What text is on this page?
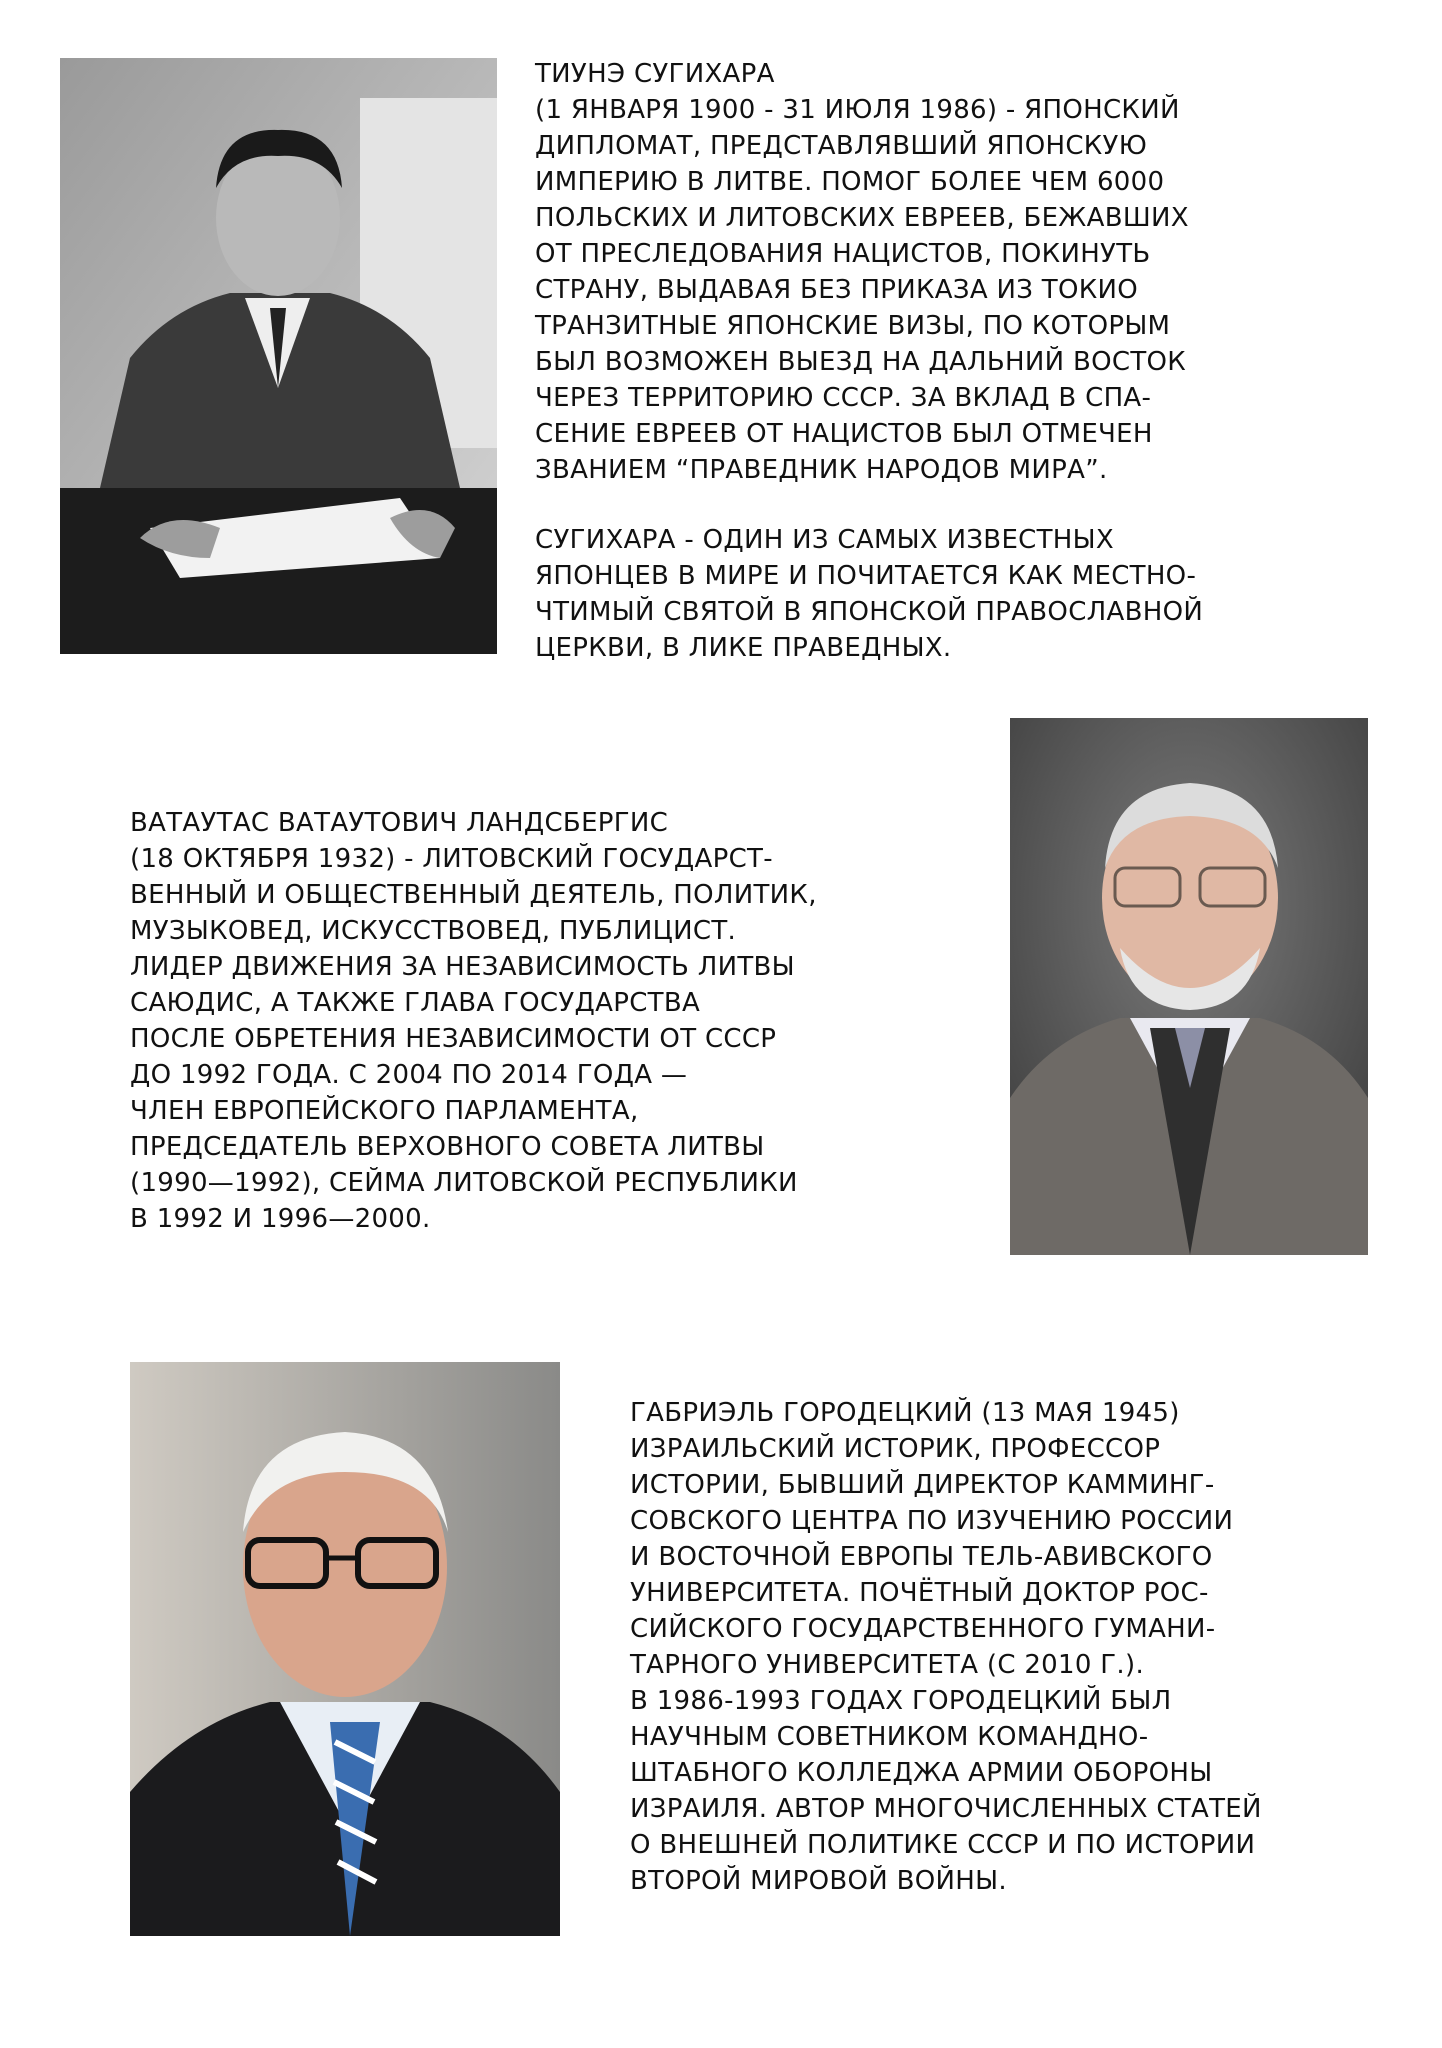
ТИУНЭ СУГИХАРА
(1 ЯНВАРЯ 1900 - 31 ИЮЛЯ 1986) - ЯПОНСКИЙ
ДИПЛОМАТ, ПРЕДСТАВЛЯВШИЙ ЯПОНСКУЮ
ИМПЕРИЮ В ЛИТВЕ. ПОМОГ БОЛЕЕ ЧЕМ 6000
ПОЛЬСКИХ И ЛИТОВСКИХ ЕВРЕЕВ, БЕЖАВШИХ
ОТ ПРЕСЛЕДОВАНИЯ НАЦИСТОВ, ПОКИНУТЬ
СТРАНУ, ВЫДАВАЯ БЕЗ ПРИКАЗА ИЗ ТОКИО
ТРАНЗИТНЫЕ ЯПОНСКИЕ ВИЗЫ, ПО КОТОРЫМ
БЫЛ ВОЗМОЖЕН ВЫЕЗД НА ДАЛЬНИЙ ВОСТОК
ЧЕРЕЗ ТЕРРИТОРИЮ СССР. ЗА ВКЛАД В СПА-
СЕНИЕ ЕВРЕЕВ ОТ НАЦИСТОВ БЫЛ ОТМЕЧЕН
ЗВАНИЕМ “ПРАВЕДНИК НАРОДОВ МИРА”.
СУГИХАРА - ОДИН ИЗ САМЫХ ИЗВЕСТНЫХ
ЯПОНЦЕВ В МИРЕ И ПОЧИТАЕТСЯ КАК МЕСТНО-
ЧТИМЫЙ СВЯТОЙ В ЯПОНСКОЙ ПРАВОСЛАВНОЙ
ЦЕРКВИ, В ЛИКЕ ПРАВЕДНЫХ.
ВАТАУТАС ВАТАУТОВИЧ ЛАНДСБЕРГИС
(18 ОКТЯБРЯ 1932) - ЛИТОВСКИЙ ГОСУДАРСТ-
ВЕННЫЙ И ОБЩЕСТВЕННЫЙ ДЕЯТЕЛЬ, ПОЛИТИК,
МУЗЫКОВЕД, ИСКУССТВОВЕД, ПУБЛИЦИСТ.
ЛИДЕР ДВИЖЕНИЯ ЗА НЕЗАВИСИМОСТЬ ЛИТВЫ
САЮДИС, А ТАКЖЕ ГЛАВА ГОСУДАРСТВА
ПОСЛЕ ОБРЕТЕНИЯ НЕЗАВИСИМОСТИ ОТ СССР
ДО 1992 ГОДА. С 2004 ПО 2014 ГОДА —
ЧЛЕН ЕВРОПЕЙСКОГО ПАРЛАМЕНТА,
ПРЕДСЕДАТЕЛЬ ВЕРХОВНОГО СОВЕТА ЛИТВЫ
(1990—1992), СЕЙМА ЛИТОВСКОЙ РЕСПУБЛИКИ
В 1992 И 1996—2000.
ГАБРИЭЛЬ ГОРОДЕЦКИЙ (13 МАЯ 1945)
ИЗРАИЛЬСКИЙ ИСТОРИК, ПРОФЕССОР
ИСТОРИИ, БЫВШИЙ ДИРЕКТОР КАММИНГ-
СОВСКОГО ЦЕНТРА ПО ИЗУЧЕНИЮ РОССИИ
И ВОСТОЧНОЙ ЕВРОПЫ ТЕЛЬ-АВИВСКОГО
УНИВЕРСИТЕТА. ПОЧЁТНЫЙ ДОКТОР РОС-
СИЙСКОГО ГОСУДАРСТВЕННОГО ГУМАНИ-
ТАРНОГО УНИВЕРСИТЕТА (С 2010 Г.).
В 1986-1993 ГОДАХ ГОРОДЕЦКИЙ БЫЛ
НАУЧНЫМ СОВЕТНИКОМ КОМАНДНО-
ШТАБНОГО КОЛЛЕДЖА АРМИИ ОБОРОНЫ
ИЗРАИЛЯ. АВТОР МНОГОЧИСЛЕННЫХ СТАТЕЙ
О ВНЕШНЕЙ ПОЛИТИКЕ СССР И ПО ИСТОРИИ
ВТОРОЙ МИРОВОЙ ВОЙНЫ.
